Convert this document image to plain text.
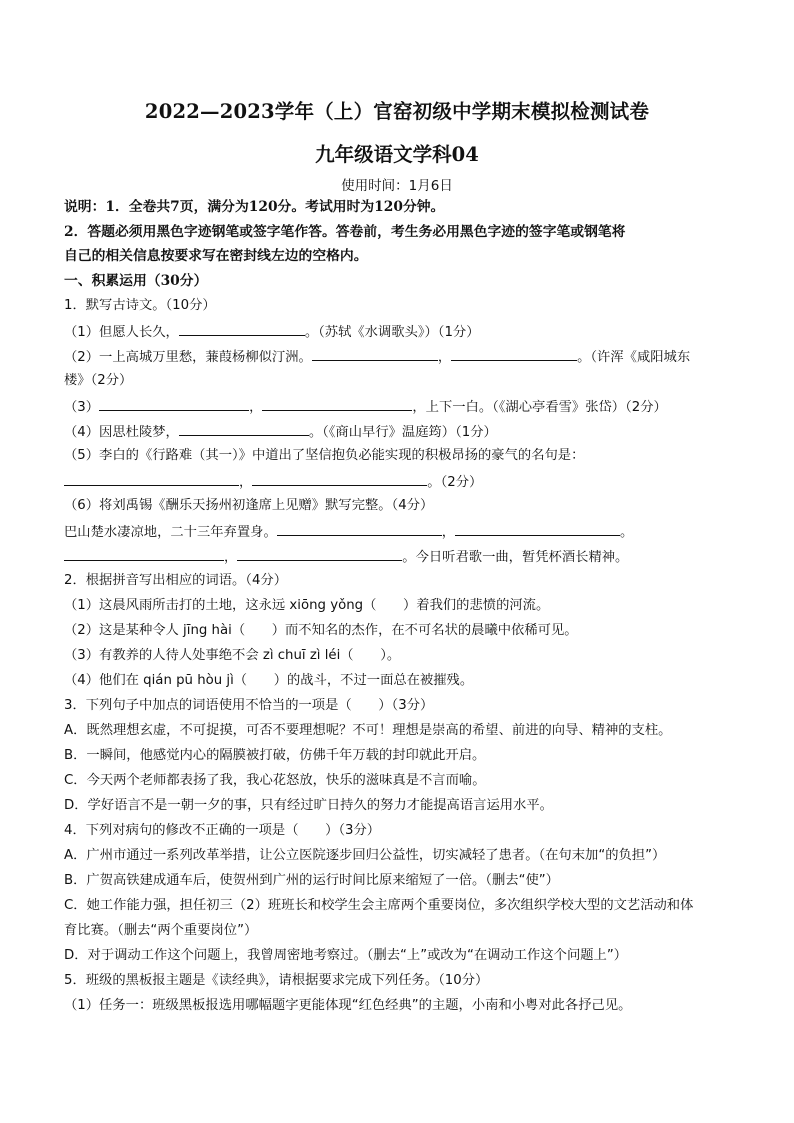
2022—2023学年（上）官窑初级中学期末模拟检测试卷
九年级语文学科04
使用时间：1月6日
说明：1．全卷共7页，满分为120分。考试用时为120分钟。
2．答题必须用黑色字迹钢笔或签字笔作答。答卷前，考生务必用黑色字迹的签字笔或钢笔将
自己的相关信息按要求写在密封线左边的空格内。
一、积累运用（30分）
1．默写古诗文。（10分）
（1）但愿人长久，	。（苏轼《水调歌头》）（1分）
（2）一上高城万里愁，蒹葭杨柳似汀洲。	，	。（许浑《咸阳城东
楼》（2分）
（3）	，	，上下一白。（《湖心亭看雪》张岱）（2分）
（4）因思杜陵梦，	。（《商山早行》温庭筠）（1分）
（5）李白的《行路难（其一）》中道出了坚信抱负必能实现的积极昂扬的豪气的名句是：
，	。（2分）
（6）将刘禹锡《酬乐天扬州初逢席上见赠》默写完整。（4分）
巴山楚水凄凉地，二十三年弃置身。	，	。
，	。今日听君歌一曲，暂凭杯酒长精神。
2．根据拼音写出相应的词语。（4分）
（1）这晨风雨所击打的土地，这永远 xiōng yǒng（　　）着我们的悲愤的河流。
（2）这是某种令人 jīng hài（　　）而不知名的杰作，在不可名状的晨曦中依稀可见。
（3）有教养的人待人处事绝不会 zì chuī zì léi（　　）。
（4）他们在 qián pū hòu jì（　　）的战斗，不过一面总在被摧残。
3．下列句子中加点的词语使用不恰当的一项是（　　）（3分）
A．既然理想玄虚，不可捉摸，可否不要理想呢？不可！理想是崇高的希望、前进的向导、精神的支柱。
B．一瞬间，他感觉内心的隔膜被打破，仿佛千年万载的封印就此开启。
C．今天两个老师都表扬了我，我心花怒放，快乐的滋味真是不言而喻。
D．学好语言不是一朝一夕的事，只有经过旷日持久的努力才能提高语言运用水平。
4．下列对病句的修改不正确的一项是（　　）（3分）
A．广州市通过一系列改革举措，让公立医院逐步回归公益性，切实减轻了患者。（在句末加“的负担”）
B．广贺高铁建成通车后，使贺州到广州的运行时间比原来缩短了一倍。（删去“使”）
C．她工作能力强，担任初三（2）班班长和校学生会主席两个重要岗位，多次组织学校大型的文艺活动和体
育比赛。（删去“两个重要岗位”）
D．对于调动工作这个问题上，我曾周密地考察过。（删去“上”或改为“在调动工作这个问题上”）
5．班级的黑板报主题是《读经典》，请根据要求完成下列任务。（10分）
（1）任务一：班级黑板报选用哪幅题字更能体现“红色经典”的主题，小南和小粤对此各抒己见。
